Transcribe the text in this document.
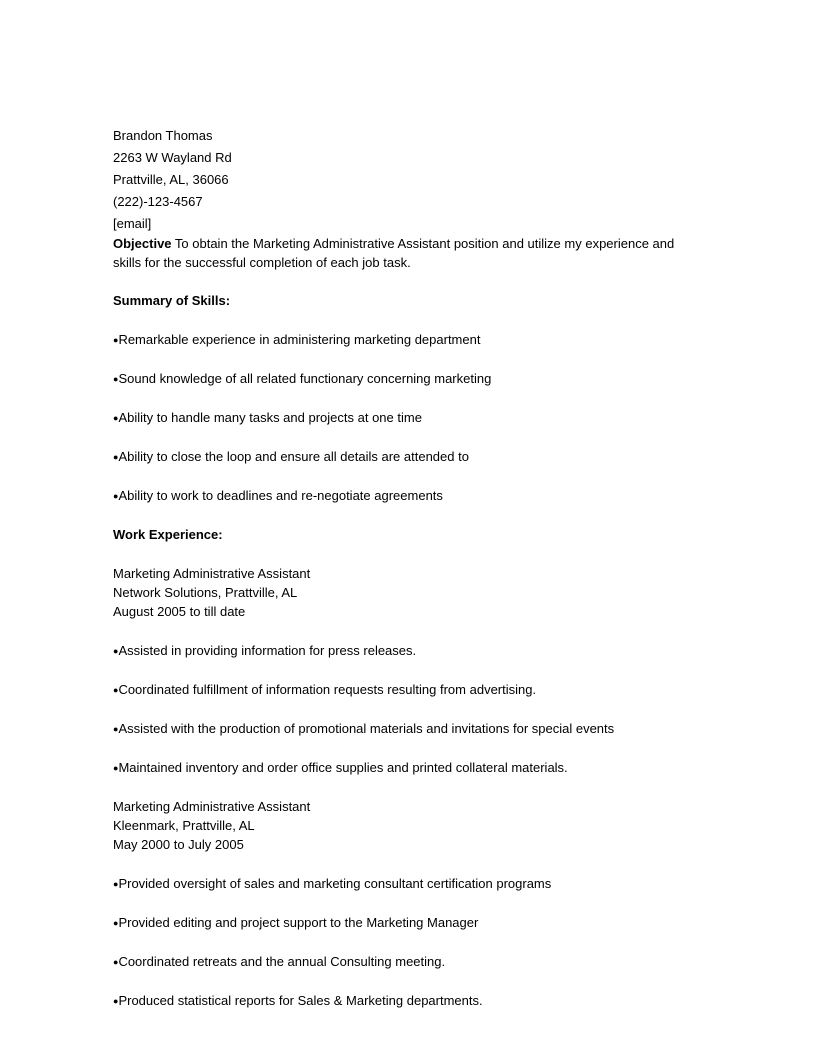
Brandon Thomas
2263 W Wayland Rd
Prattville, AL, 36066
(222)-123-4567
[email]
Objective To obtain the Marketing Administrative Assistant position and utilize my experience and skills for the successful completion of each job task.
Summary of Skills:
●Remarkable experience in administering marketing department
●Sound knowledge of all related functionary concerning marketing
●Ability to handle many tasks and projects at one time
●Ability to close the loop and ensure all details are attended to
●Ability to work to deadlines and re-negotiate agreements
Work Experience:
Marketing Administrative Assistant
Network Solutions, Prattville, AL
August 2005 to till date
●Assisted in providing information for press releases.
●Coordinated fulfillment of information requests resulting from advertising.
●Assisted with the production of promotional materials and invitations for special events
●Maintained inventory and order office supplies and printed collateral materials.
Marketing Administrative Assistant
Kleenmark, Prattville, AL
May 2000 to July 2005
●Provided oversight of sales and marketing consultant certification programs
●Provided editing and project support to the Marketing Manager
●Coordinated retreats and the annual Consulting meeting.
●Produced statistical reports for Sales & Marketing departments.
